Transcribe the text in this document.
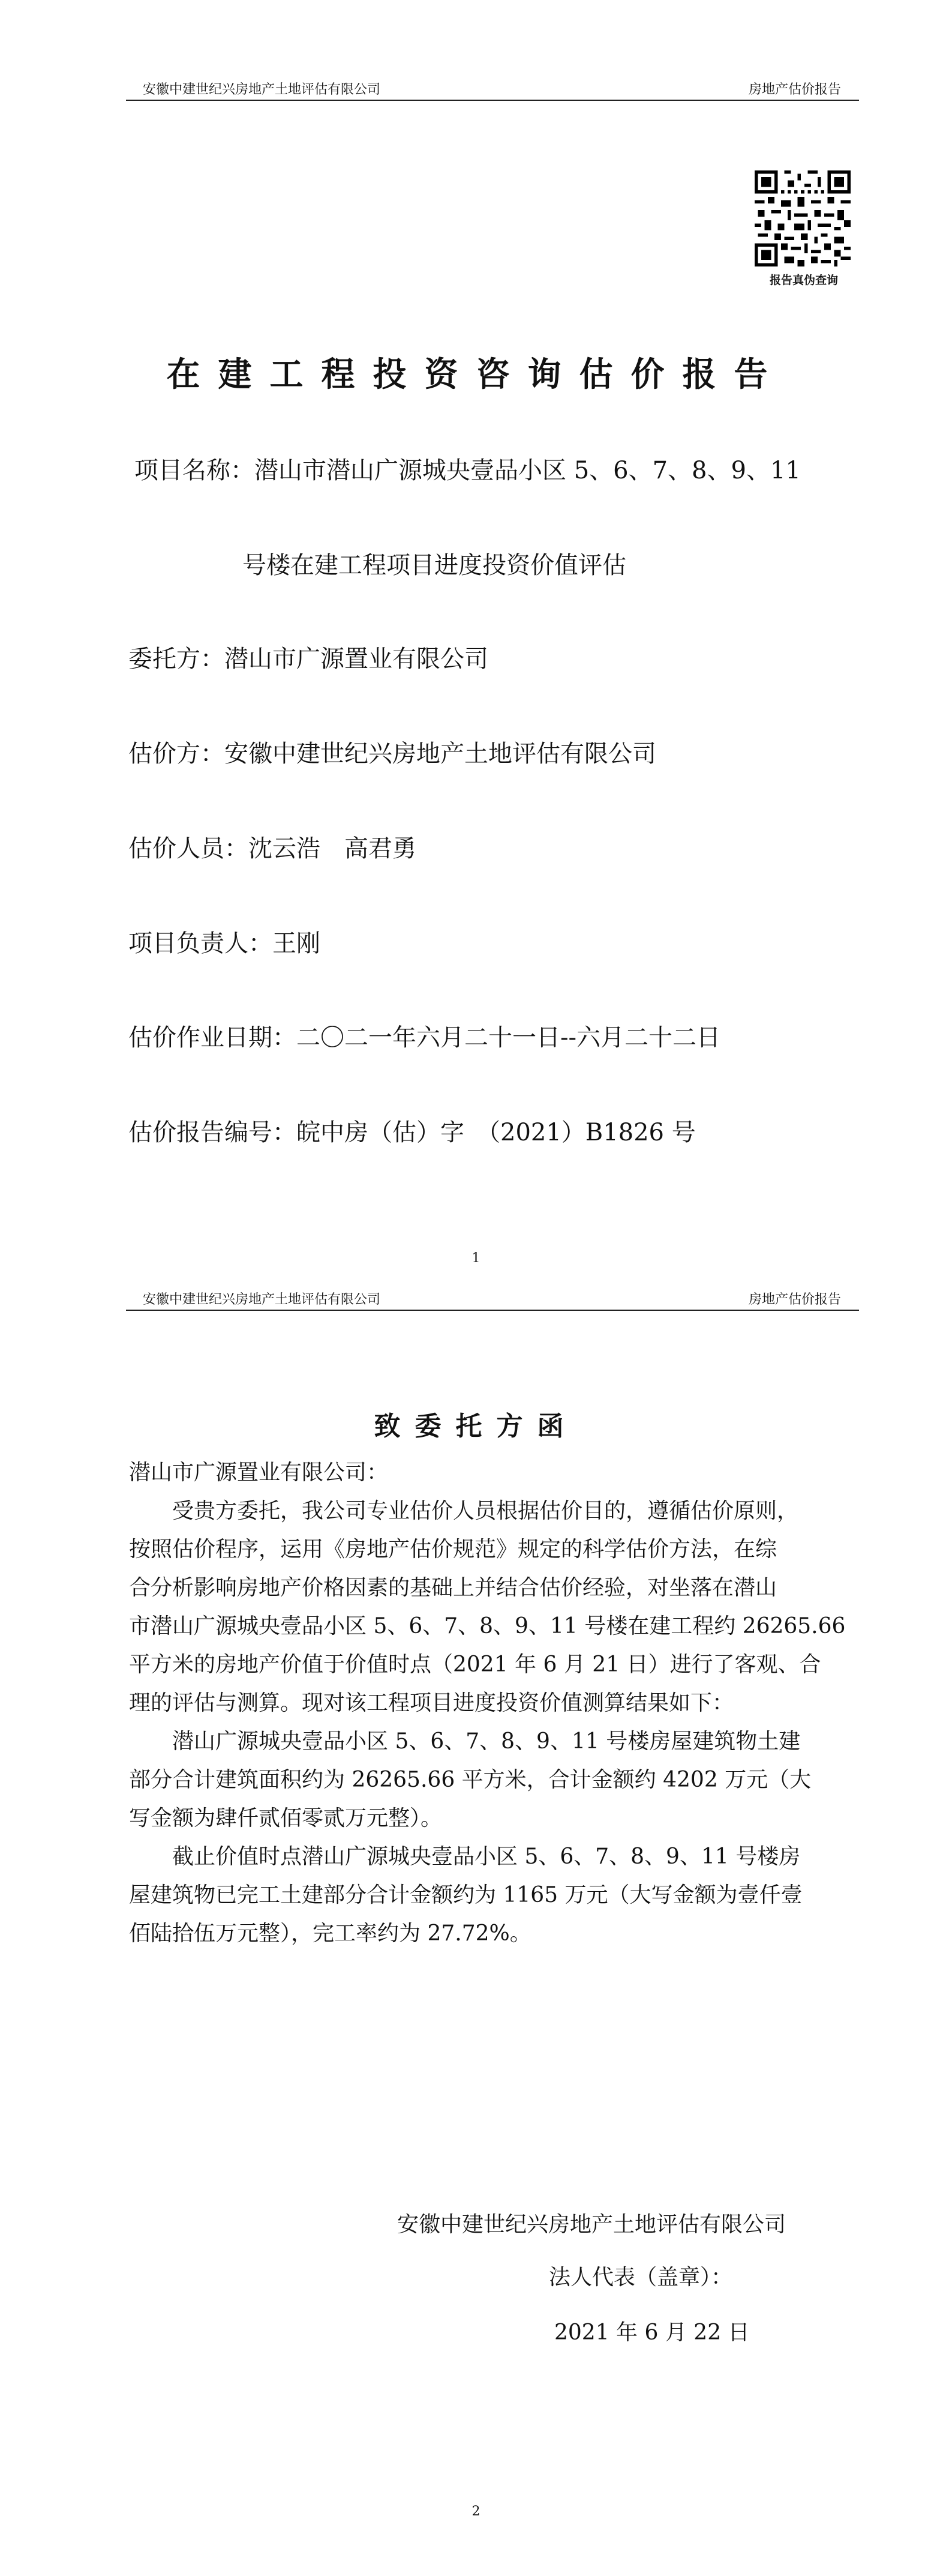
安徽中建世纪兴房地产土地评估有限公司	房地产估价报告
报告真伪查询
在建工程投资咨询估价报告
项目名称：潜山市潜山广源城央壹品小区 5、6、7、8、9、11
号楼在建工程项目进度投资价值评估
委托方：潜山市广源置业有限公司
估价方：安徽中建世纪兴房地产土地评估有限公司
估价人员：沈云浩　高君勇
项目负责人：王刚
估价作业日期：二〇二一年六月二十一日--六月二十二日
估价报告编号：皖中房（估）字　（2021）B1826 号
1
安徽中建世纪兴房地产土地评估有限公司	房地产估价报告
致委托方函
潜山市广源置业有限公司：
　　受贵方委托，我公司专业估价人员根据估价目的，遵循估价原则，
按照估价程序，运用《房地产估价规范》规定的科学估价方法，在综
合分析影响房地产价格因素的基础上并结合估价经验，对坐落在潜山
市潜山广源城央壹品小区 5、6、7、8、9、11 号楼在建工程约 26265.66
平方米的房地产价值于价值时点（2021 年 6 月 21 日）进行了客观、合
理的评估与测算。现对该工程项目进度投资价值测算结果如下：
　　潜山广源城央壹品小区 5、6、7、8、9、11 号楼房屋建筑物土建
部分合计建筑面积约为 26265.66 平方米，合计金额约 4202 万元（大
写金额为肆仟贰佰零贰万元整）。
　　截止价值时点潜山广源城央壹品小区 5、6、7、8、9、11 号楼房
屋建筑物已完工土建部分合计金额约为 1165 万元（大写金额为壹仟壹
佰陆拾伍万元整），完工率约为 27.72%。
安徽中建世纪兴房地产土地评估有限公司
法人代表（盖章）：
2021 年 6 月 22 日
2
